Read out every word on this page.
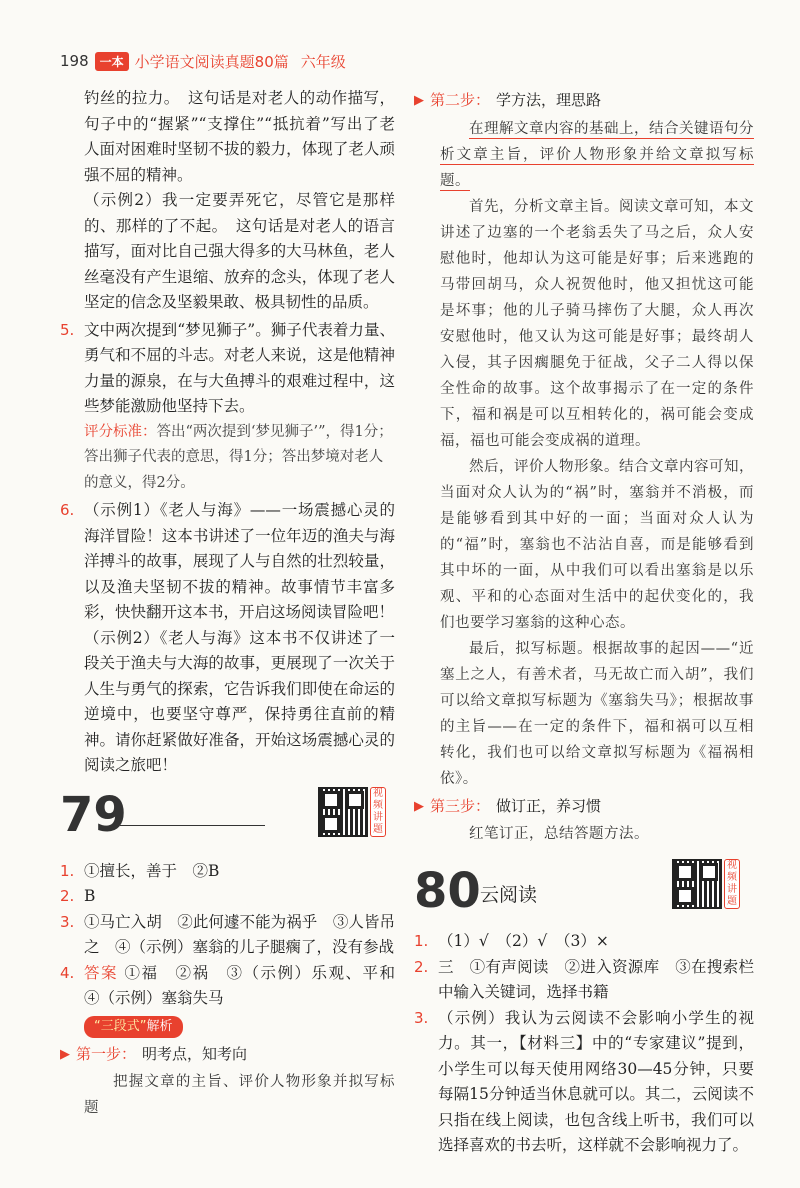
198 一本 小学语文阅读真题80篇 六年级

钓丝的拉力。　这句话是对老人的动作描写，句子中的“握紧”“支撑住”“抵抗着”写出了老人面对困难时坚韧不拔的毅力，体现了老人顽强不屈的精神。

（示例2）我一定要弄死它，尽管它是那样的、那样的了不起。　这句话是对老人的语言描写，面对比自己强大得多的大马林鱼，老人丝毫没有产生退缩、放弃的念头，体现了老人坚定的信念及坚毅果敢、极具韧性的品质。

5. 文中两次提到“梦见狮子”。狮子代表着力量、勇气和不屈的斗志。对老人来说，这是他精神力量的源泉，在与大鱼搏斗的艰难过程中，这些梦能激励他坚持下去。
评分标准：答出“两次提到‘梦见狮子’”，得1分；答出狮子代表的意思，得1分；答出梦境对老人的意义，得2分。
6. （示例1）《老人与海》——一场震撼心灵的海洋冒险！这本书讲述了一位年迈的渔夫与海洋搏斗的故事，展现了人与自然的壮烈较量，以及渔夫坚韧不拔的精神。故事情节丰富多彩，快快翻开这本书，开启这场阅读冒险吧！

（示例2）《老人与海》这本书不仅讲述了一段关于渔夫与大海的故事，更展现了一次关于人生与勇气的探索，它告诉我们即使在命运的逆境中，也要坚守尊严，保持勇往直前的精神。请你赶紧做好准备，开始这场震撼心灵的阅读之旅吧！

79	视频讲题
1. ①擅长，善于　②B
2. B
3. ①马亡入胡　②此何遽不能为祸乎　③人皆吊之　④（示例）塞翁的儿子腿瘸了，没有参战
4. 答案 ①福　②祸　③（示例）乐观、平和　④（示例）塞翁失马
“三段式”解析
▶ 第一步： 明考点，知考向

把握文章的主旨、评价人物形象并拟写标题

▶ 第二步： 学方法，理思路

在理解文章内容的基础上，结合关键语句分析文章主旨，评价人物形象并给文章拟写标题。

首先，分析文章主旨。阅读文章可知，本文讲述了边塞的一个老翁丢失了马之后，众人安慰他时，他却认为这可能是好事；后来逃跑的马带回胡马，众人祝贺他时，他又担忧这可能是坏事；他的儿子骑马摔伤了大腿，众人再次安慰他时，他又认为这可能是好事；最终胡人入侵，其子因瘸腿免于征战，父子二人得以保全性命的故事。这个故事揭示了在一定的条件下，福和祸是可以互相转化的，祸可能会变成福，福也可能会变成祸的道理。

然后，评价人物形象。结合文章内容可知，当面对众人认为的“祸”时，塞翁并不消极，而是能够看到其中好的一面；当面对众人认为的“福”时，塞翁也不沾沾自喜，而是能够看到其中坏的一面，从中我们可以看出塞翁是以乐观、平和的心态面对生活中的起伏变化的，我们也要学习塞翁的这种心态。

最后，拟写标题。根据故事的起因——“近塞上之人，有善术者，马无故亡而入胡”，我们可以给文章拟写标题为《塞翁失马》；根据故事的主旨——在一定的条件下，福和祸可以互相转化，我们也可以给文章拟写标题为《福祸相依》。

▶ 第三步： 做订正，养习惯

红笔订正，总结答题方法。

80 云阅读
视频讲题
1. （1）√　（2）√　（3）×
2. 三　①有声阅读　②进入资源库　③在搜索栏中输入关键词，选择书籍
3. （示例）我认为云阅读不会影响小学生的视力。其一，【材料三】中的“专家建议”提到，小学生可以每天使用网络30—45分钟，只要每隔15分钟适当休息就可以。其二，云阅读不只指在线上阅读，也包含线上听书，我们可以选择喜欢的书去听，这样就不会影响视力了。
